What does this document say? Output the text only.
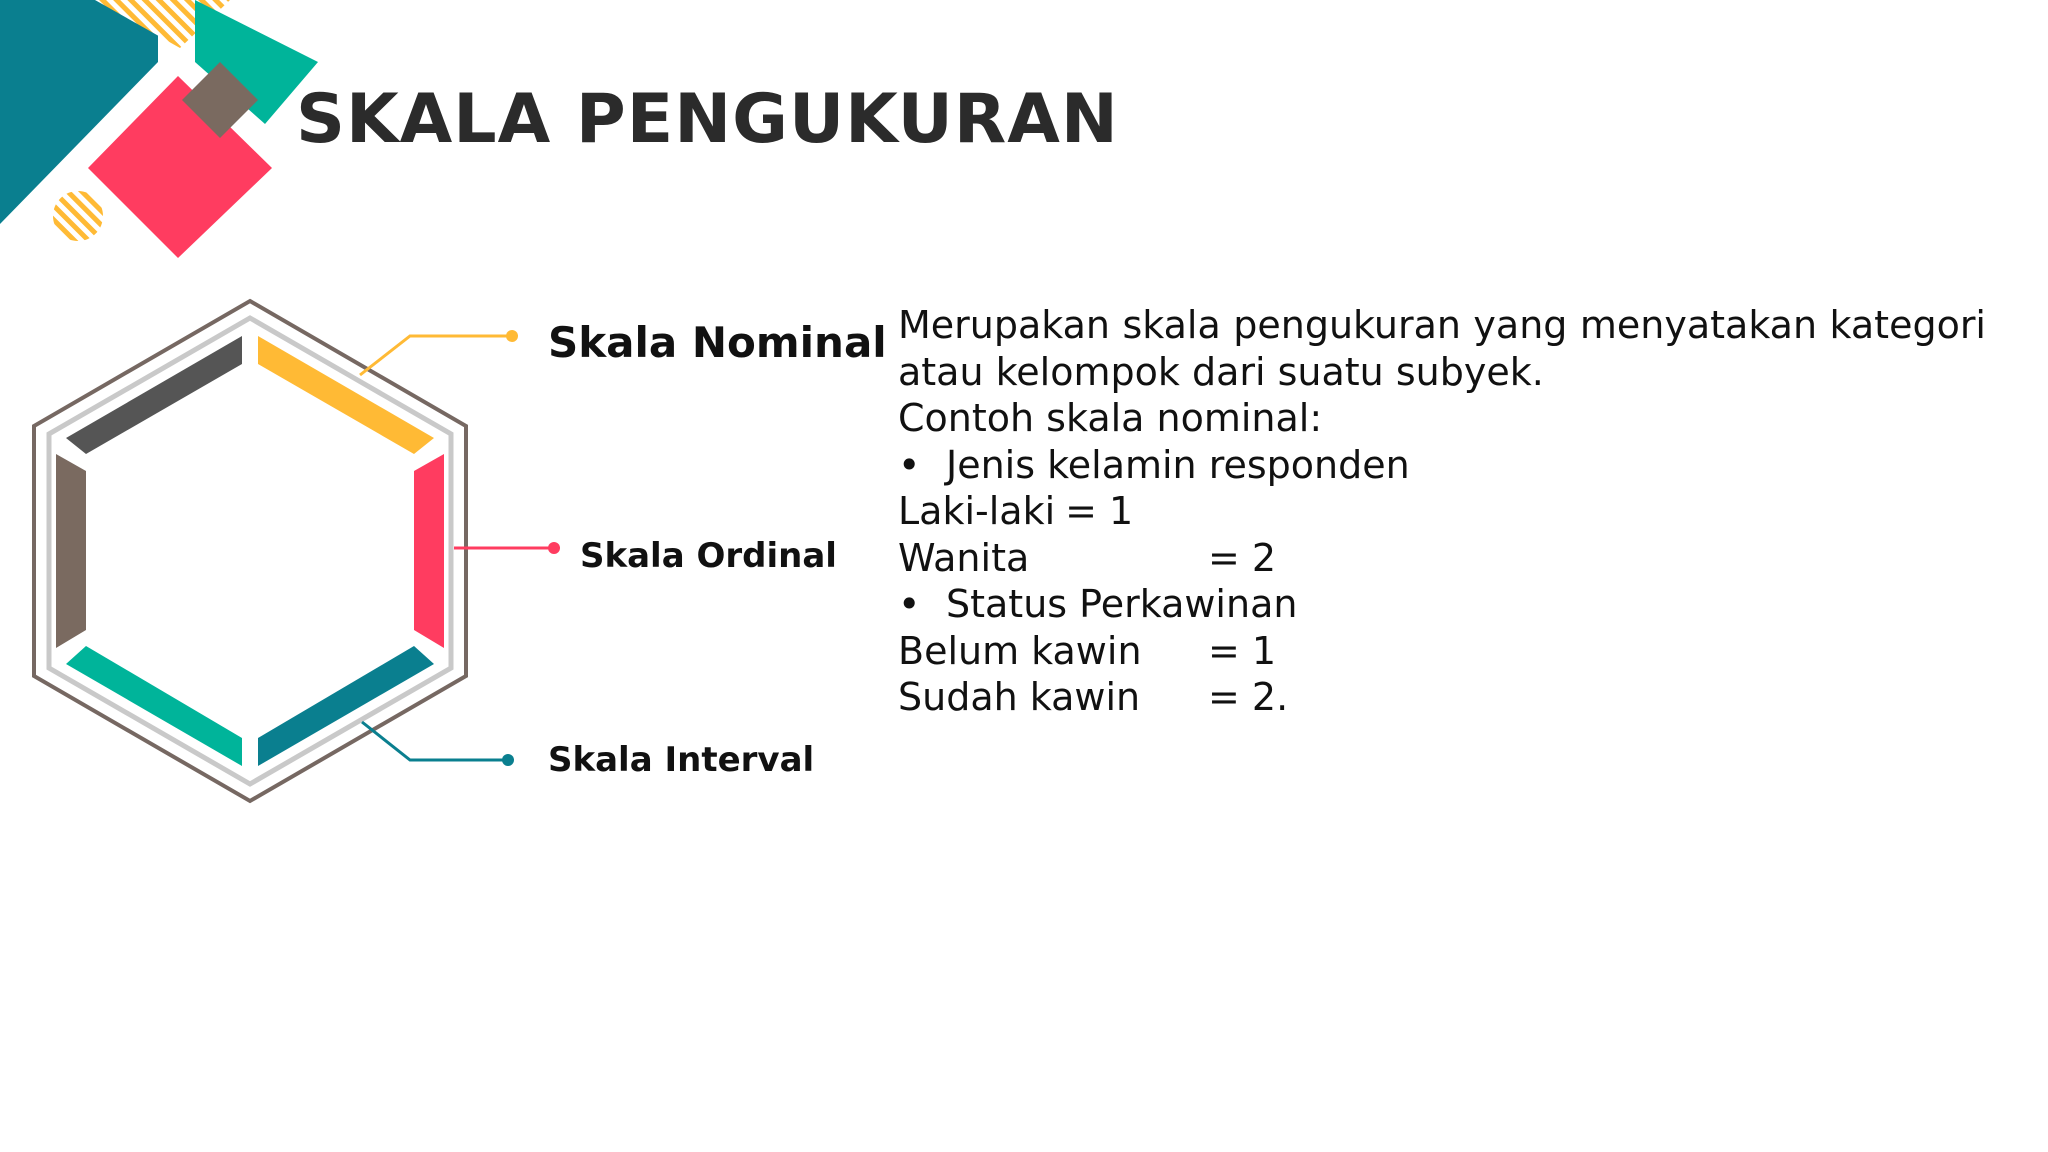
SKALA PENGUKURAN
Skala Nominal
Skala Ordinal
Skala Interval
Merupakan skala pengukuran yang menyatakan kategori atau kelompok dari suatu subyek.
Contoh skala nominal:
• Jenis kelamin responden
Laki-laki = 1
Wanita	= 2
• Status Perkawinan
Belum kawin	= 1
Sudah kawin	= 2.
